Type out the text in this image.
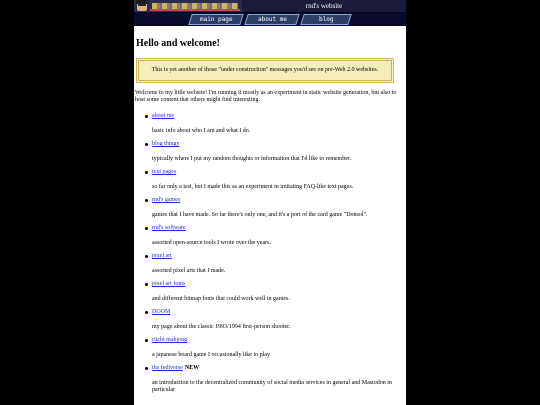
rnd's website
main page	about me	blog
Hello and welcome!
This is yet another of those "under construction" messages you'd see on pre-Web 2.0 websites.

Welcome to my little website! I'm running it mostly as an experiment in static website generation, but also to host some content that others might find interesting.

about me
basic info about who I am and what I do.
blog thingy
typically where I put my random thoughts or information that I'd like to remember.
text pages
so far only a test, but I made this as an experiment in imitating FAQ-like text pages.
rnd's games
games that I have made. So far there's only one, and it's a port of the card game "Donsol".
rnd's software
assorted open-source tools I wrote over the years.
pixel art
assorted pixel arts that I made.
pixel art fonts
and different bitmap fonts that could work well in games.
DOOM
my page about the classic 1993/1994 first-person shooter.
riichi mahjong
a japanese board game I occasionally like to play
the fediverse NEW
an introduction to the decentralized community of social media services in general and Mastodon in particular
